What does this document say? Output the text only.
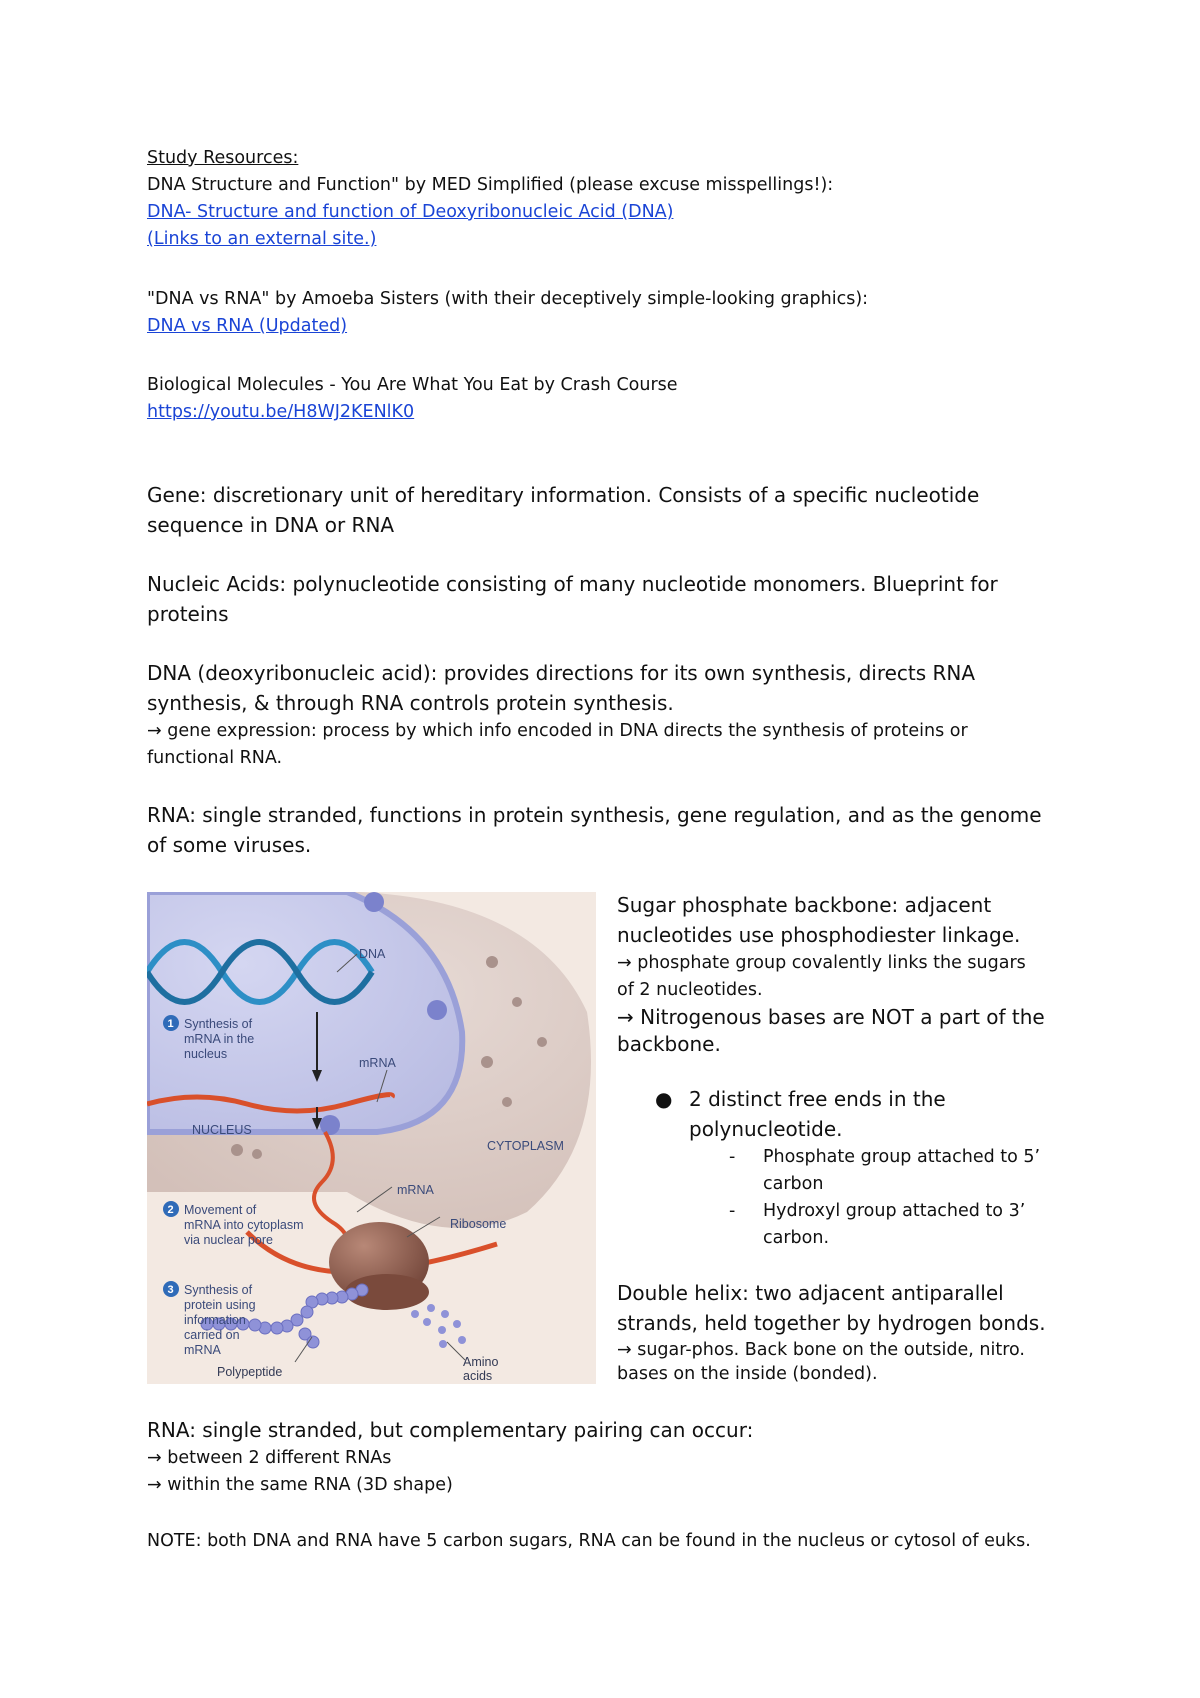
Study Resources:
DNA Structure and Function" by MED Simplified (please excuse misspellings!):
DNA- Structure and function of Deoxyribonucleic Acid (DNA)
(Links to an external site.)
"DNA vs RNA" by Amoeba Sisters (with their deceptively simple-looking graphics):
DNA vs RNA (Updated)
Biological Molecules - You Are What You Eat by Crash Course
https://youtu.be/H8WJ2KENlK0
Gene: discretionary unit of hereditary information. Consists of a specific nucleotide
sequence in DNA or RNA
Nucleic Acids: polynucleotide consisting of many nucleotide monomers. Blueprint for
proteins
DNA (deoxyribonucleic acid): provides directions for its own synthesis, directs RNA
synthesis, & through RNA controls protein synthesis.
→ gene expression: process by which info encoded in DNA directs the synthesis of proteins or
functional RNA.
RNA: single stranded, functions in protein synthesis, gene regulation, and as the genome
of some viruses.
DNA
mRNA
NUCLEUS
CYTOPLASM
mRNA
Ribosome
Polypeptide
Amino
acids
1 Synthesis of
mRNA in the
nucleus
2 Movement of
mRNA into cytoplasm
via nuclear pore
3 Synthesis of
protein using
information
carried on
mRNA
Sugar phosphate backbone: adjacent
nucleotides use phosphodiester linkage.
→ phosphate group covalently links the sugars
of 2 nucleotides.
→ Nitrogenous bases are NOT a part of the
backbone.
● 2 distinct free ends in the
polynucleotide.
- Phosphate group attached to 5’
carbon
- Hydroxyl group attached to 3’
carbon.
Double helix: two adjacent antiparallel
strands, held together by hydrogen bonds.
→ sugar-phos. Back bone on the outside, nitro.
bases on the inside (bonded).
RNA: single stranded, but complementary pairing can occur:
→ between 2 different RNAs
→ within the same RNA (3D shape)
NOTE: both DNA and RNA have 5 carbon sugars, RNA can be found in the nucleus or cytosol of euks.
